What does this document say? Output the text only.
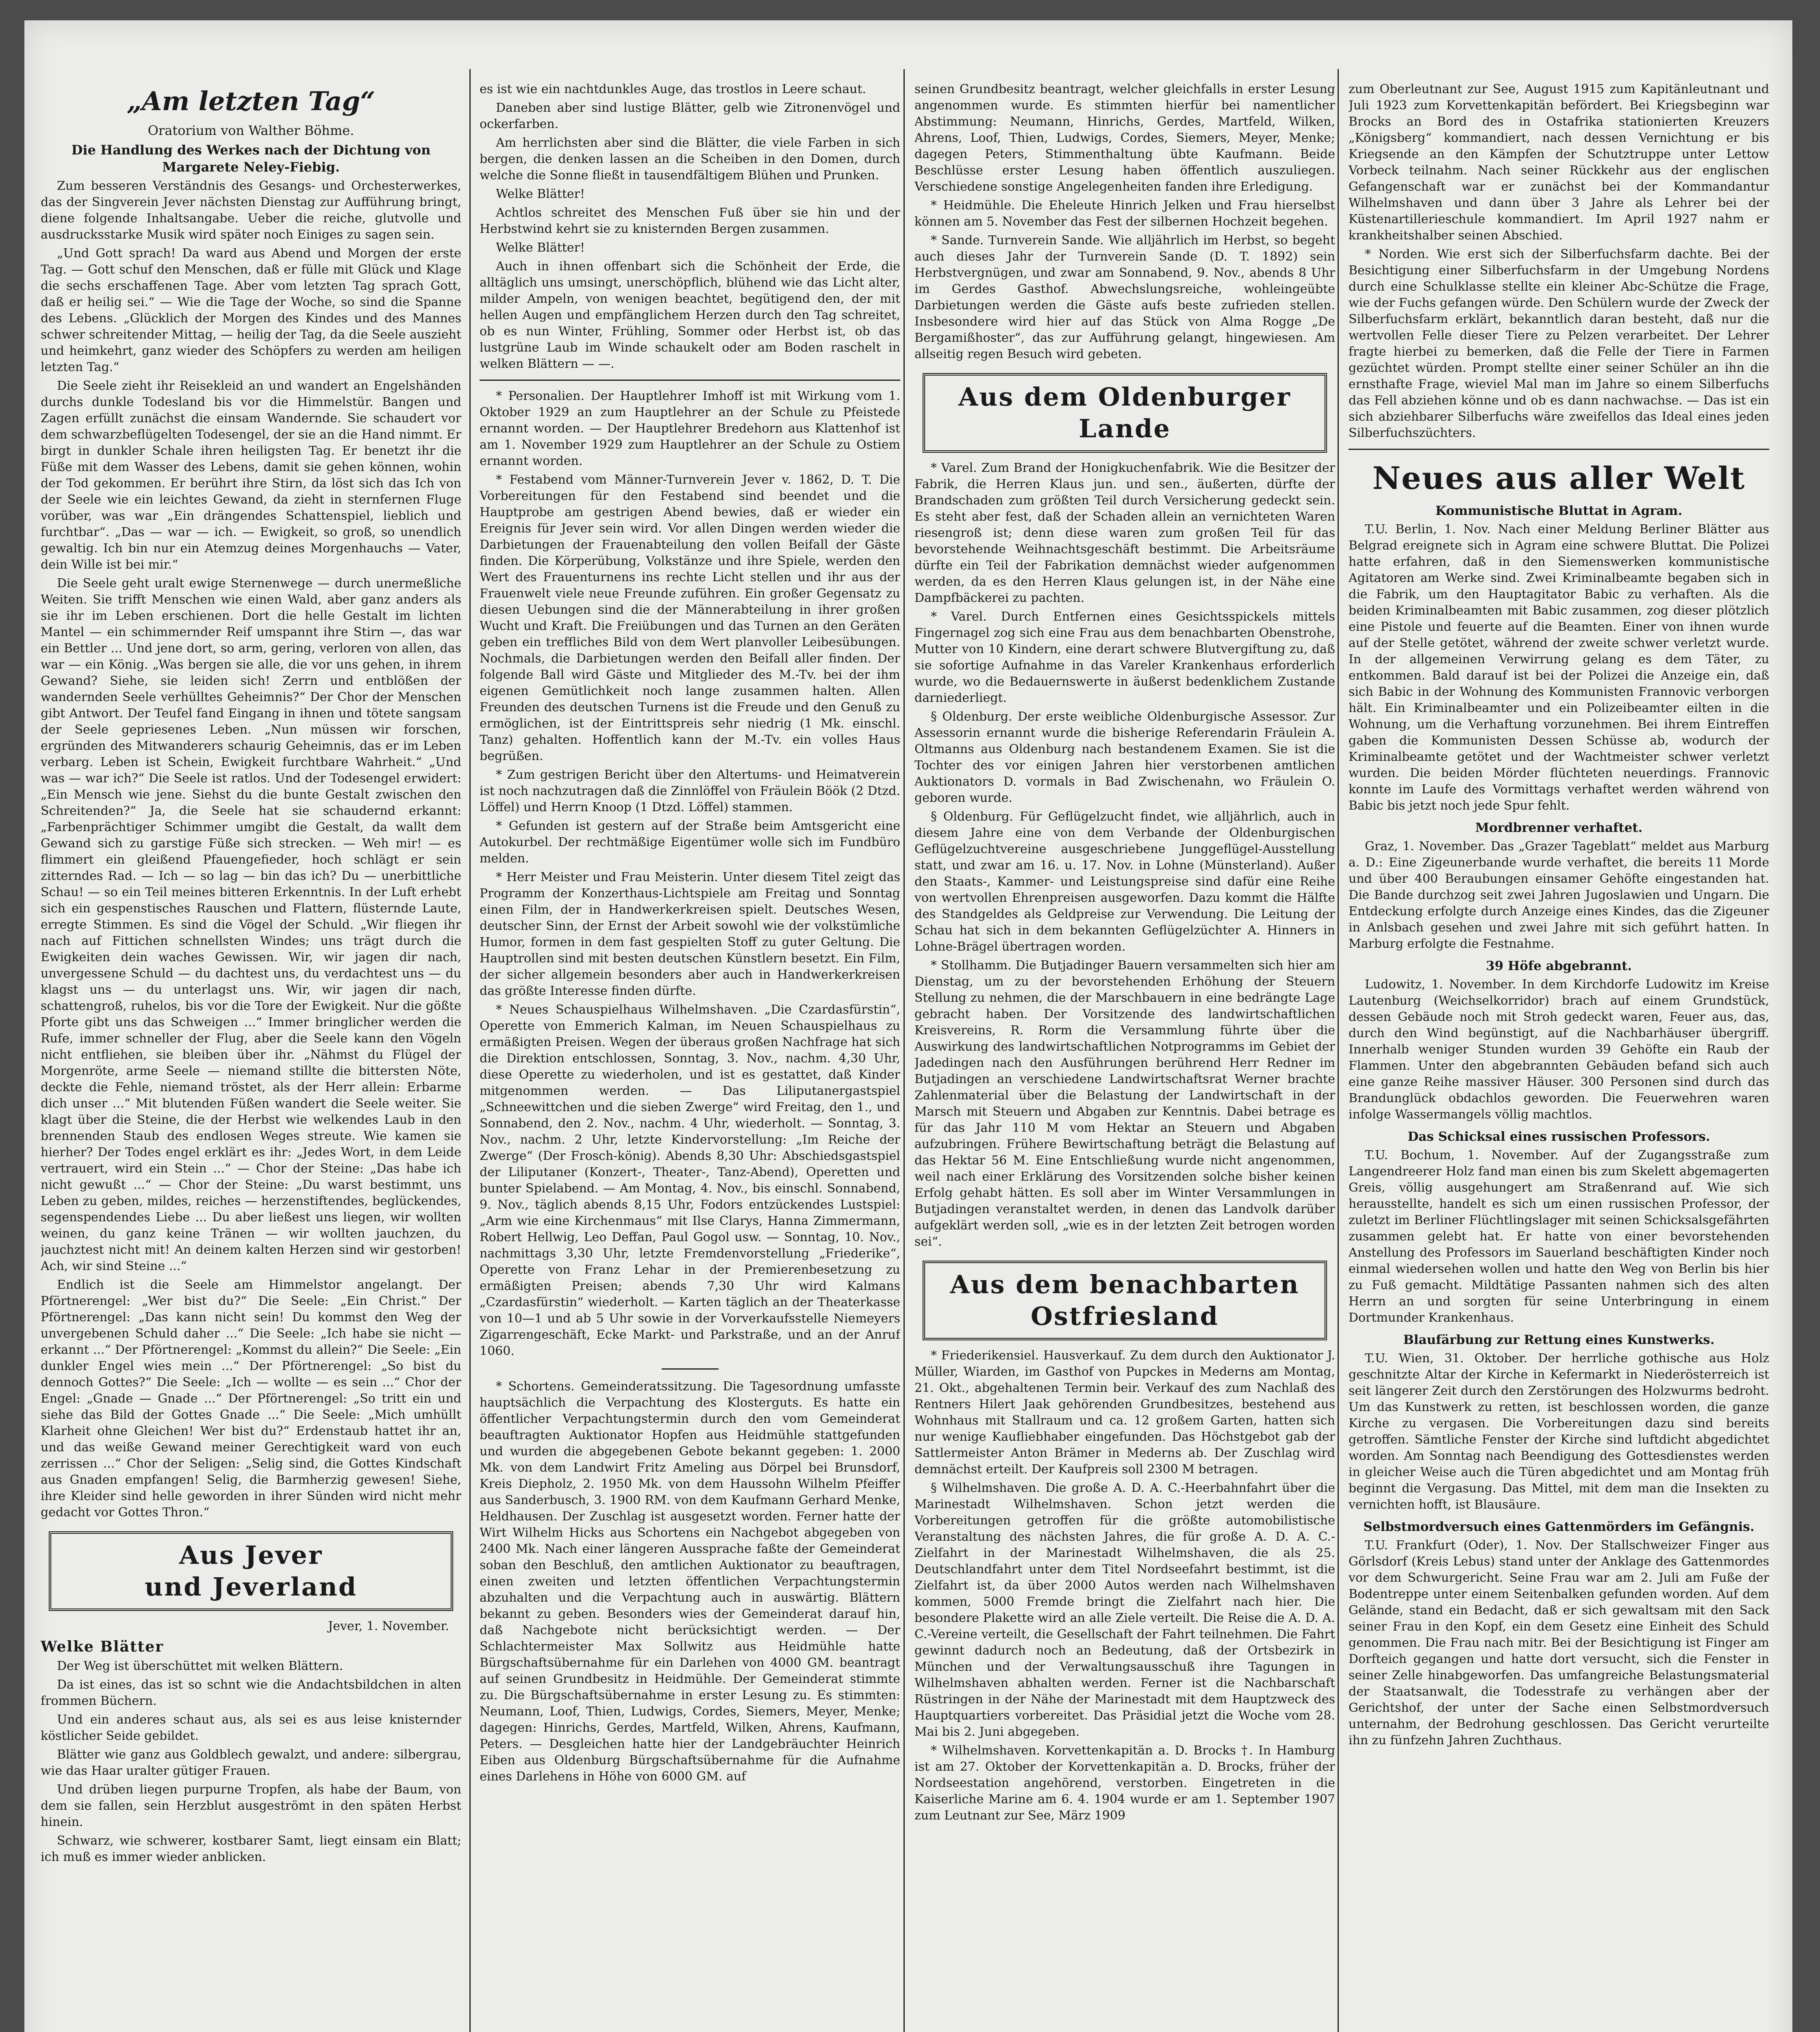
„Am letzten Tag“
Oratorium von Walther Böhme.
Die Handlung des Werkes nach der Dichtung von Margarete Neley-Fiebig.

Zum besseren Verständnis des Gesangs- und Orchesterwerkes, das der Singverein Jever nächsten Dienstag zur Aufführung bringt, diene folgende Inhaltsangabe. Ueber die reiche, glutvolle und ausdrucksstarke Musik wird später noch Einiges zu sagen sein.

„Und Gott sprach! Da ward aus Abend und Morgen der erste Tag. — Gott schuf den Menschen, daß er fülle mit Glück und Klage die sechs erschaffenen Tage. Aber vom letzten Tag sprach Gott, daß er heilig sei.“ — Wie die Tage der Woche, so sind die Spanne des Lebens. „Glücklich der Morgen des Kindes und des Mannes schwer schreitender Mittag, — heilig der Tag, da die Seele auszieht und heimkehrt, ganz wieder des Schöpfers zu werden am heiligen letzten Tag.“

Die Seele zieht ihr Reisekleid an und wandert an Engelshänden durchs dunkle Todesland bis vor die Himmelstür. Bangen und Zagen erfüllt zunächst die einsam Wandernde. Sie schaudert vor dem schwarzbeflügelten Todesengel, der sie an die Hand nimmt. Er birgt in dunkler Schale ihren heiligsten Tag. Er benetzt ihr die Füße mit dem Wasser des Lebens, damit sie gehen können, wohin der Tod gekommen. Er berührt ihre Stirn, da löst sich das Ich von der Seele wie ein leichtes Gewand, da zieht in sternfernen Fluge vorüber, was war „Ein drängendes Schattenspiel, lieblich und furchtbar“. „Das — war — ich. — Ewigkeit, so groß, so unendlich gewaltig. Ich bin nur ein Atemzug deines Morgenhauchs — Vater, dein Wille ist bei mir.“

Die Seele geht uralt ewige Sternenwege — durch unermeßliche Weiten. Sie trifft Menschen wie einen Wald, aber ganz anders als sie ihr im Leben erschienen. Dort die helle Gestalt im lichten Mantel — ein schimmernder Reif umspannt ihre Stirn —, das war ein Bettler ... Und jene dort, so arm, gering, verloren von allen, das war — ein König. „Was bergen sie alle, die vor uns gehen, in ihrem Gewand? Siehe, sie leiden sich! Zerrn und entblößen der wandernden Seele verhülltes Geheimnis?“ Der Chor der Menschen gibt Antwort. Der Teufel fand Eingang in ihnen und tötete sangsam der Seele gepriesenes Leben. „Nun müssen wir forschen, ergründen des Mitwanderers schaurig Geheimnis, das er im Leben verbarg. Leben ist Schein, Ewigkeit furchtbare Wahrheit.“ „Und was — war ich?“ Die Seele ist ratlos. Und der Todesengel erwidert: „Ein Mensch wie jene. Siehst du die bunte Gestalt zwischen den Schreitenden?“ Ja, die Seele hat sie schaudernd erkannt: „Farbenprächtiger Schimmer umgibt die Gestalt, da wallt dem Gewand sich zu garstige Füße sich strecken. — Weh mir! — es flimmert ein gleißend Pfauengefieder, hoch schlägt er sein zitterndes Rad. — Ich — so lag — bin das ich? Du — unerbittliche Schau! — so ein Teil meines bitteren Erkenntnis. In der Luft erhebt sich ein gespenstisches Rauschen und Flattern, flüsternde Laute, erregte Stimmen. Es sind die Vögel der Schuld. „Wir fliegen ihr nach auf Fittichen schnellsten Windes; uns trägt durch die Ewigkeiten dein waches Gewissen. Wir, wir jagen dir nach, unvergessene Schuld — du dachtest uns, du verdachtest uns — du klagst uns — du unterlagst uns. Wir, wir jagen dir nach, schattengroß, ruhelos, bis vor die Tore der Ewigkeit. Nur die gößte Pforte gibt uns das Schweigen ...“ Immer bringlicher werden die Rufe, immer schneller der Flug, aber die Seele kann den Vögeln nicht entfliehen, sie bleiben über ihr. „Nähmst du Flügel der Morgenröte, arme Seele — niemand stillte die bittersten Nöte, deckte die Fehle, niemand tröstet, als der Herr allein: Erbarme dich unser ...“ Mit blutenden Füßen wandert die Seele weiter. Sie klagt über die Steine, die der Herbst wie welkendes Laub in den brennenden Staub des endlosen Weges streute. Wie kamen sie hierher? Der Todes engel erklärt es ihr: „Jedes Wort, in dem Leide vertrauert, wird ein Stein ...“ — Chor der Steine: „Das habe ich nicht gewußt ...“ — Chor der Steine: „Du warst bestimmt, uns Leben zu geben, mildes, reiches — herzenstiftendes, beglückendes, segenspendendes Liebe ... Du aber ließest uns liegen, wir wollten weinen, du ganz keine Tränen — wir wollten jauchzen, du jauchztest nicht mit! An deinem kalten Herzen sind wir gestorben! Ach, wir sind Steine ...“

Endlich ist die Seele am Himmelstor angelangt. Der Pförtnerengel: „Wer bist du?“ Die Seele: „Ein Christ.“ Der Pförtnerengel: „Das kann nicht sein! Du kommst den Weg der unvergebenen Schuld daher ...“ Die Seele: „Ich habe sie nicht — erkannt ...“ Der Pförtnerengel: „Kommst du allein?“ Die Seele: „Ein dunkler Engel wies mein ...“ Der Pförtnerengel: „So bist du dennoch Gottes?“ Die Seele: „Ich — wollte — es sein ...“ Chor der Engel: „Gnade — Gnade ...“ Der Pförtnerengel: „So tritt ein und siehe das Bild der Gottes Gnade ...“ Die Seele: „Mich umhüllt Klarheit ohne Gleichen! Wer bist du?“ Erdenstaub hattet ihr an, und das weiße Gewand meiner Gerechtigkeit ward von euch zerrissen ...“ Chor der Seligen: „Selig sind, die Gottes Kindschaft aus Gnaden empfangen! Selig, die Barmherzig gewesen! Siehe, ihre Kleider sind helle geworden in ihrer Sünden wird nicht mehr gedacht vor Gottes Thron.“

Aus Jever
und Jeverland
Jever, 1. November.
Welke Blätter

Der Weg ist überschüttet mit welken Blättern.

Da ist eines, das ist so schnt wie die Andachtsbildchen in alten frommen Büchern.

Und ein anderes schaut aus, als sei es aus leise knisternder köstlicher Seide gebildet.

Blätter wie ganz aus Goldblech gewalzt, und andere: silbergrau, wie das Haar uralter gütiger Frauen.

Und drüben liegen purpurne Tropfen, als habe der Baum, von dem sie fallen, sein Herzblut ausgeströmt in den späten Herbst hinein.

Schwarz, wie schwerer, kostbarer Samt, liegt einsam ein Blatt; ich muß es immer wieder anblicken.

es ist wie ein nachtdunkles Auge, das trostlos in Leere schaut.

Daneben aber sind lustige Blätter, gelb wie Zitronenvögel und ockerfarben.

Am herrlichsten aber sind die Blätter, die viele Farben in sich bergen, die denken lassen an die Scheiben in den Domen, durch welche die Sonne fließt in tausendfältigem Blühen und Prunken.

Welke Blätter!

Achtlos schreitet des Menschen Fuß über sie hin und der Herbstwind kehrt sie zu knisternden Bergen zusammen.

Welke Blätter!

Auch in ihnen offenbart sich die Schönheit der Erde, die alltäglich uns umsingt, unerschöpflich, blühend wie das Licht alter, milder Ampeln, von wenigen beachtet, begütigend den, der mit hellen Augen und empfänglichem Herzen durch den Tag schreitet, ob es nun Winter, Frühling, Sommer oder Herbst ist, ob das lustgrüne Laub im Winde schaukelt oder am Boden raschelt in welken Blättern — —.

* Personalien. Der Hauptlehrer Imhoff ist mit Wirkung vom 1. Oktober 1929 an zum Hauptlehrer an der Schule zu Pfeistede ernannt worden. — Der Hauptlehrer Bredehorn aus Klattenhof ist am 1. November 1929 zum Hauptlehrer an der Schule zu Ostiem ernannt worden.

* Festabend vom Männer-Turnverein Jever v. 1862, D. T. Die Vorbereitungen für den Festabend sind beendet und die Hauptprobe am gestrigen Abend bewies, daß er wieder ein Ereignis für Jever sein wird. Vor allen Dingen werden wieder die Darbietungen der Frauenabteilung den vollen Beifall der Gäste finden. Die Körperübung, Volkstänze und ihre Spiele, werden den Wert des Frauenturnens ins rechte Licht stellen und ihr aus der Frauenwelt viele neue Freunde zuführen. Ein großer Gegensatz zu diesen Uebungen sind die der Männerabteilung in ihrer großen Wucht und Kraft. Die Freiübungen und das Turnen an den Geräten geben ein treffliches Bild von dem Wert planvoller Leibesübungen. Nochmals, die Darbietungen werden den Beifall aller finden. Der folgende Ball wird Gäste und Mitglieder des M.-Tv. bei der ihm eigenen Gemütlichkeit noch lange zusammen halten. Allen Freunden des deutschen Turnens ist die Freude und den Genuß zu ermöglichen, ist der Eintrittspreis sehr niedrig (1 Mk. einschl. Tanz) gehalten. Hoffentlich kann der M.-Tv. ein volles Haus begrüßen.

* Zum gestrigen Bericht über den Altertums- und Heimatverein ist noch nachzutragen daß die Zinnlöffel von Fräulein Böök (2 Dtzd. Löffel) und Herrn Knoop (1 Dtzd. Löffel) stammen.

* Gefunden ist gestern auf der Straße beim Amtsgericht eine Autokurbel. Der rechtmäßige Eigentümer wolle sich im Fundbüro melden.

* Herr Meister und Frau Meisterin. Unter diesem Titel zeigt das Programm der Konzerthaus-Lichtspiele am Freitag und Sonntag einen Film, der in Handwerkerkreisen spielt. Deutsches Wesen, deutscher Sinn, der Ernst der Arbeit sowohl wie der volkstümliche Humor, formen in dem fast gespielten Stoff zu guter Geltung. Die Hauptrollen sind mit besten deutschen Künstlern besetzt. Ein Film, der sicher allgemein besonders aber auch in Handwerkerkreisen das größte Interesse finden dürfte.

* Neues Schauspielhaus Wilhelmshaven. „Die Czardasfürstin“, Operette von Emmerich Kalman, im Neuen Schauspielhaus zu ermäßigten Preisen. Wegen der überaus großen Nachfrage hat sich die Direktion entschlossen, Sonntag, 3. Nov., nachm. 4,30 Uhr, diese Operette zu wiederholen, und ist es gestattet, daß Kinder mitgenommen werden. — Das Liliputanergastspiel „Schneewittchen und die sieben Zwerge“ wird Freitag, den 1., und Sonnabend, den 2. Nov., nachm. 4 Uhr, wiederholt. — Sonntag, 3. Nov., nachm. 2 Uhr, letzte Kindervorstellung: „Im Reiche der Zwerge“ (Der Frosch-könig). Abends 8,30 Uhr: Abschiedsgastspiel der Liliputaner (Konzert-, Theater-, Tanz-Abend), Operetten und bunter Spielabend. — Am Montag, 4. Nov., bis einschl. Sonnabend, 9. Nov., täglich abends 8,15 Uhr, Fodors entzückendes Lustspiel: „Arm wie eine Kirchenmaus“ mit Ilse Clarys, Hanna Zimmermann, Robert Hellwig, Leo Deffan, Paul Gogol usw. — Sonntag, 10. Nov., nachmittags 3,30 Uhr, letzte Fremdenvorstellung „Friederike“, Operette von Franz Lehar in der Premierenbesetzung zu ermäßigten Preisen; abends 7,30 Uhr wird Kalmans „Czardasfürstin“ wiederholt. — Karten täglich an der Theaterkasse von 10—1 und ab 5 Uhr sowie in der Vorverkaufsstelle Niemeyers Zigarrengeschäft, Ecke Markt- und Parkstraße, und an der Anruf 1060.

* Schortens. Gemeinderatssitzung. Die Tagesordnung umfasste hauptsächlich die Verpachtung des Klosterguts. Es hatte ein öffentlicher Verpachtungstermin durch den vom Gemeinderat beauftragten Auktionator Hopfen aus Heidmühle stattgefunden und wurden die abgegebenen Gebote bekannt gegeben: 1. 2000 Mk. von dem Landwirt Fritz Ameling aus Dörpel bei Brunsdorf, Kreis Diepholz, 2. 1950 Mk. von dem Haussohn Wilhelm Pfeiffer aus Sanderbusch, 3. 1900 RM. von dem Kaufmann Gerhard Menke, Heldhausen. Der Zuschlag ist ausgesetzt worden. Ferner hatte der Wirt Wilhelm Hicks aus Schortens ein Nachgebot abgegeben von 2400 Mk. Nach einer längeren Aussprache faßte der Gemeinderat soban den Beschluß, den amtlichen Auktionator zu beauftragen, einen zweiten und letzten öffentlichen Verpachtungstermin abzuhalten und die Verpachtung auch in auswärtig. Blättern bekannt zu geben. Besonders wies der Gemeinderat darauf hin, daß Nachgebote nicht berücksichtigt werden. — Der Schlachtermeister Max Sollwitz aus Heidmühle hatte Bürgschaftsübernahme für ein Darlehen von 4000 GM. beantragt auf seinen Grundbesitz in Heidmühle. Der Gemeinderat stimmte zu. Die Bürgschaftsübernahme in erster Lesung zu. Es stimmten: Neumann, Loof, Thien, Ludwigs, Cordes, Siemers, Meyer, Menke; dagegen: Hinrichs, Gerdes, Martfeld, Wilken, Ahrens, Kaufmann, Peters. — Desgleichen hatte hier der Landgebräuchter Heinrich Eiben aus Oldenburg Bürgschaftsübernahme für die Aufnahme eines Darlehens in Höhe von 6000 GM. auf

seinen Grundbesitz beantragt, welcher gleichfalls in erster Lesung angenommen wurde. Es stimmten hierfür bei namentlicher Abstimmung: Neumann, Hinrichs, Gerdes, Martfeld, Wilken, Ahrens, Loof, Thien, Ludwigs, Cordes, Siemers, Meyer, Menke; dagegen Peters, Stimmenthaltung übte Kaufmann. Beide Beschlüsse erster Lesung haben öffentlich auszuliegen. Verschiedene sonstige Angelegenheiten fanden ihre Erledigung.

* Heidmühle. Die Eheleute Hinrich Jelken und Frau hierselbst können am 5. November das Fest der silbernen Hochzeit begehen.

* Sande. Turnverein Sande. Wie alljährlich im Herbst, so begeht auch dieses Jahr der Turnverein Sande (D. T. 1892) sein Herbstvergnügen, und zwar am Sonnabend, 9. Nov., abends 8 Uhr im Gerdes Gasthof. Abwechslungsreiche, wohleingeübte Darbietungen werden die Gäste aufs beste zufrieden stellen. Insbesondere wird hier auf das Stück von Alma Rogge „De Bergamißhoster“, das zur Aufführung gelangt, hingewiesen. Am allseitig regen Besuch wird gebeten.

Aus dem Oldenburger
Lande

* Varel. Zum Brand der Honigkuchenfabrik. Wie die Besitzer der Fabrik, die Herren Klaus jun. und sen., äußerten, dürfte der Brandschaden zum größten Teil durch Versicherung gedeckt sein. Es steht aber fest, daß der Schaden allein an vernichteten Waren riesengroß ist; denn diese waren zum großen Teil für das bevorstehende Weihnachtsgeschäft bestimmt. Die Arbeitsräume dürfte ein Teil der Fabrikation demnächst wieder aufgenommen werden, da es den Herren Klaus gelungen ist, in der Nähe eine Dampfbäckerei zu pachten.

* Varel. Durch Entfernen eines Gesichtsspickels mittels Fingernagel zog sich eine Frau aus dem benachbarten Obenstrohe, Mutter von 10 Kindern, eine derart schwere Blutvergiftung zu, daß sie sofortige Aufnahme in das Vareler Krankenhaus erforderlich wurde, wo die Bedauernswerte in äußerst bedenklichem Zustande darniederliegt.

§ Oldenburg. Der erste weibliche Oldenburgische Assessor. Zur Assessorin ernannt wurde die bisherige Referendarin Fräulein A. Oltmanns aus Oldenburg nach bestandenem Examen. Sie ist die Tochter des vor einigen Jahren hier verstorbenen amtlichen Auktionators D. vormals in Bad Zwischenahn, wo Fräulein O. geboren wurde.

§ Oldenburg. Für Geflügelzucht findet, wie alljährlich, auch in diesem Jahre eine von dem Verbande der Oldenburgischen Geflügelzuchtvereine ausgeschriebene Junggeflügel-Ausstellung statt, und zwar am 16. u. 17. Nov. in Lohne (Münsterland). Außer den Staats-, Kammer- und Leistungspreise sind dafür eine Reihe von wertvollen Ehrenpreisen ausgeworfen. Dazu kommt die Hälfte des Standgeldes als Geldpreise zur Verwendung. Die Leitung der Schau hat sich in dem bekannten Geflügelzüchter A. Hinners in Lohne-Brägel übertragen worden.

* Stollhamm. Die Butjadinger Bauern versammelten sich hier am Dienstag, um zu der bevorstehenden Erhöhung der Steuern Stellung zu nehmen, die der Marschbauern in eine bedrängte Lage gebracht haben. Der Vorsitzende des landwirtschaftlichen Kreisvereins, R. Rorm die Versammlung führte über die Auswirkung des landwirtschaftlichen Notprogramms im Gebiet der Jadedingen nach den Ausführungen berührend Herr Redner im Butjadingen an verschiedene Landwirtschaftsrat Werner brachte Zahlenmaterial über die Belastung der Landwirtschaft in der Marsch mit Steuern und Abgaben zur Kenntnis. Dabei betrage es für das Jahr 110 M vom Hektar an Steuern und Abgaben aufzubringen. Frühere Bewirtschaftung beträgt die Belastung auf das Hektar 56 M. Eine Entschließung wurde nicht angenommen, weil nach einer Erklärung des Vorsitzenden solche bisher keinen Erfolg gehabt hätten. Es soll aber im Winter Versammlungen in Butjadingen veranstaltet werden, in denen das Landvolk darüber aufgeklärt werden soll, „wie es in der letzten Zeit betrogen worden sei“.

Aus dem benachbarten
Ostfriesland

* Friederikensiel. Hausverkauf. Zu dem durch den Auktionator J. Müller, Wiarden, im Gasthof von Pupckes in Mederns am Montag, 21. Okt., abgehaltenen Termin beir. Verkauf des zum Nachlaß des Rentners Hilert Jaak gehörenden Grundbesitzes, bestehend aus Wohnhaus mit Stallraum und ca. 12 großem Garten, hatten sich nur wenige Kaufliebhaber eingefunden. Das Höchstgebot gab der Sattlermeister Anton Brämer in Mederns ab. Der Zuschlag wird demnächst erteilt. Der Kaufpreis soll 2300 M betragen.

§ Wilhelmshaven. Die große A. D. A. C.-Heerbahnfahrt über die Marinestadt Wilhelmshaven. Schon jetzt werden die Vorbereitungen getroffen für die größte automobilistische Veranstaltung des nächsten Jahres, die für große A. D. A. C.-Zielfahrt in der Marinestadt Wilhelmshaven, die als 25. Deutschlandfahrt unter dem Titel Nordseefahrt bestimmt, ist die Zielfahrt ist, da über 2000 Autos werden nach Wilhelmshaven kommen, 5000 Fremde bringt die Zielfahrt nach hier. Die besondere Plakette wird an alle Ziele verteilt. Die Reise die A. D. A. C.-Vereine verteilt, die Gesellschaft der Fahrt teilnehmen. Die Fahrt gewinnt dadurch noch an Bedeutung, daß der Ortsbezirk in München und der Verwaltungsausschuß ihre Tagungen in Wilhelmshaven abhalten werden. Ferner ist die Nachbarschaft Rüstringen in der Nähe der Marinestadt mit dem Hauptzweck des Hauptquartiers vorbereitet. Das Präsidial jetzt die Woche vom 28. Mai bis 2. Juni abgegeben.

* Wilhelmshaven. Korvettenkapitän a. D. Brocks †. In Hamburg ist am 27. Oktober der Korvettenkapitän a. D. Brocks, früher der Nordseestation angehörend, verstorben. Eingetreten in die Kaiserliche Marine am 6. 4. 1904 wurde er am 1. September 1907 zum Leutnant zur See, März 1909

zum Oberleutnant zur See, August 1915 zum Kapitänleutnant und Juli 1923 zum Korvettenkapitän befördert. Bei Kriegsbeginn war Brocks an Bord des in Ostafrika stationierten Kreuzers „Königsberg“ kommandiert, nach dessen Vernichtung er bis Kriegsende an den Kämpfen der Schutztruppe unter Lettow Vorbeck teilnahm. Nach seiner Rückkehr aus der englischen Gefangenschaft war er zunächst bei der Kommandantur Wilhelmshaven und dann über 3 Jahre als Lehrer bei der Küstenartillerieschule kommandiert. Im April 1927 nahm er krankheitshalber seinen Abschied.

* Norden. Wie erst sich der Silberfuchsfarm dachte. Bei der Besichtigung einer Silberfuchsfarm in der Umgebung Nordens durch eine Schulklasse stellte ein kleiner Abc-Schütze die Frage, wie der Fuchs gefangen würde. Den Schülern wurde der Zweck der Silberfuchsfarm erklärt, bekanntlich daran besteht, daß nur die wertvollen Felle dieser Tiere zu Pelzen verarbeitet. Der Lehrer fragte hierbei zu bemerken, daß die Felle der Tiere in Farmen gezüchtet würden. Prompt stellte einer seiner Schüler an ihn die ernsthafte Frage, wieviel Mal man im Jahre so einem Silberfuchs das Fell abziehen könne und ob es dann nachwachse. — Das ist ein sich abziehbarer Silberfuchs wäre zweifellos das Ideal eines jeden Silberfuchszüchters.

Neues aus aller Welt
Kommunistische Bluttat in Agram.

T.U. Berlin, 1. Nov. Nach einer Meldung Berliner Blätter aus Belgrad ereignete sich in Agram eine schwere Bluttat. Die Polizei hatte erfahren, daß in den Siemenswerken kommunistische Agitatoren am Werke sind. Zwei Kriminalbeamte begaben sich in die Fabrik, um den Hauptagitator Babic zu verhaften. Als die beiden Kriminalbeamten mit Babic zusammen, zog dieser plötzlich eine Pistole und feuerte auf die Beamten. Einer von ihnen wurde auf der Stelle getötet, während der zweite schwer verletzt wurde. In der allgemeinen Verwirrung gelang es dem Täter, zu entkommen. Bald darauf ist bei der Polizei die Anzeige ein, daß sich Babic in der Wohnung des Kommunisten Frannovic verborgen hält. Ein Kriminalbeamter und ein Polizeibeamter eilten in die Wohnung, um die Verhaftung vorzunehmen. Bei ihrem Eintreffen gaben die Kommunisten Dessen Schüsse ab, wodurch der Kriminalbeamte getötet und der Wachtmeister schwer verletzt wurden. Die beiden Mörder flüchteten neuerdings. Frannovic konnte im Laufe des Vormittags verhaftet werden während von Babic bis jetzt noch jede Spur fehlt.

Mordbrenner verhaftet.

Graz, 1. November. Das „Grazer Tageblatt“ meldet aus Marburg a. D.: Eine Zigeunerbande wurde verhaftet, die bereits 11 Morde und über 400 Beraubungen einsamer Gehöfte eingestanden hat. Die Bande durchzog seit zwei Jahren Jugoslawien und Ungarn. Die Entdeckung erfolgte durch Anzeige eines Kindes, das die Zigeuner in Anlsbach gesehen und zwei Jahre mit sich geführt hatten. In Marburg erfolgte die Festnahme.

39 Höfe abgebrannt.

Ludowitz, 1. November. In dem Kirchdorfe Ludowitz im Kreise Lautenburg (Weichselkorridor) brach auf einem Grundstück, dessen Gebäude noch mit Stroh gedeckt waren, Feuer aus, das, durch den Wind begünstigt, auf die Nachbarhäuser übergriff. Innerhalb weniger Stunden wurden 39 Gehöfte ein Raub der Flammen. Unter den abgebrannten Gebäuden befand sich auch eine ganze Reihe massiver Häuser. 300 Personen sind durch das Brandunglück obdachlos geworden. Die Feuerwehren waren infolge Wassermangels völlig machtlos.

Das Schicksal eines russischen Professors.

T.U. Bochum, 1. November. Auf der Zugangsstraße zum Langendreerer Holz fand man einen bis zum Skelett abgemagerten Greis, völlig ausgehungert am Straßenrand auf. Wie sich herausstellte, handelt es sich um einen russischen Professor, der zuletzt im Berliner Flüchtlingslager mit seinen Schicksalsgefährten zusammen gelebt hat. Er hatte von einer bevorstehenden Anstellung des Professors im Sauerland beschäftigten Kinder noch einmal wiedersehen wollen und hatte den Weg von Berlin bis hier zu Fuß gemacht. Mildtätige Passanten nahmen sich des alten Herrn an und sorgten für seine Unterbringung in einem Dortmunder Krankenhaus.

Blaufärbung zur Rettung eines Kunstwerks.

T.U. Wien, 31. Oktober. Der herrliche gothische aus Holz geschnitzte Altar der Kirche in Kefermarkt in Niederösterreich ist seit längerer Zeit durch den Zerstörungen des Holzwurms bedroht. Um das Kunstwerk zu retten, ist beschlossen worden, die ganze Kirche zu vergasen. Die Vorbereitungen dazu sind bereits getroffen. Sämtliche Fenster der Kirche sind luftdicht abgedichtet worden. Am Sonntag nach Beendigung des Gottesdienstes werden in gleicher Weise auch die Türen abgedichtet und am Montag früh beginnt die Vergasung. Das Mittel, mit dem man die Insekten zu vernichten hofft, ist Blausäure.

Selbstmordversuch eines Gattenmörders im Gefängnis.

T.U. Frankfurt (Oder), 1. Nov. Der Stallschweizer Finger aus Görlsdorf (Kreis Lebus) stand unter der Anklage des Gattenmordes vor dem Schwurgericht. Seine Frau war am 2. Juli am Fuße der Bodentreppe unter einem Seitenbalken gefunden worden. Auf dem Gelände, stand ein Bedacht, daß er sich gewaltsam mit den Sack seiner Frau in den Kopf, ein dem Gesetz eine Einheit des Schuld genommen. Die Frau nach mitr. Bei der Besichtigung ist Finger am Dorfteich gegangen und hatte dort versucht, sich die Fenster in seiner Zelle hinabgeworfen. Das umfangreiche Belastungsmaterial der Staatsanwalt, die Todesstrafe zu verhängen aber der Gerichtshof, der unter der Sache einen Selbstmordversuch unternahm, der Bedrohung geschlossen. Das Gericht verurteilte ihn zu fünfzehn Jahren Zuchthaus.
